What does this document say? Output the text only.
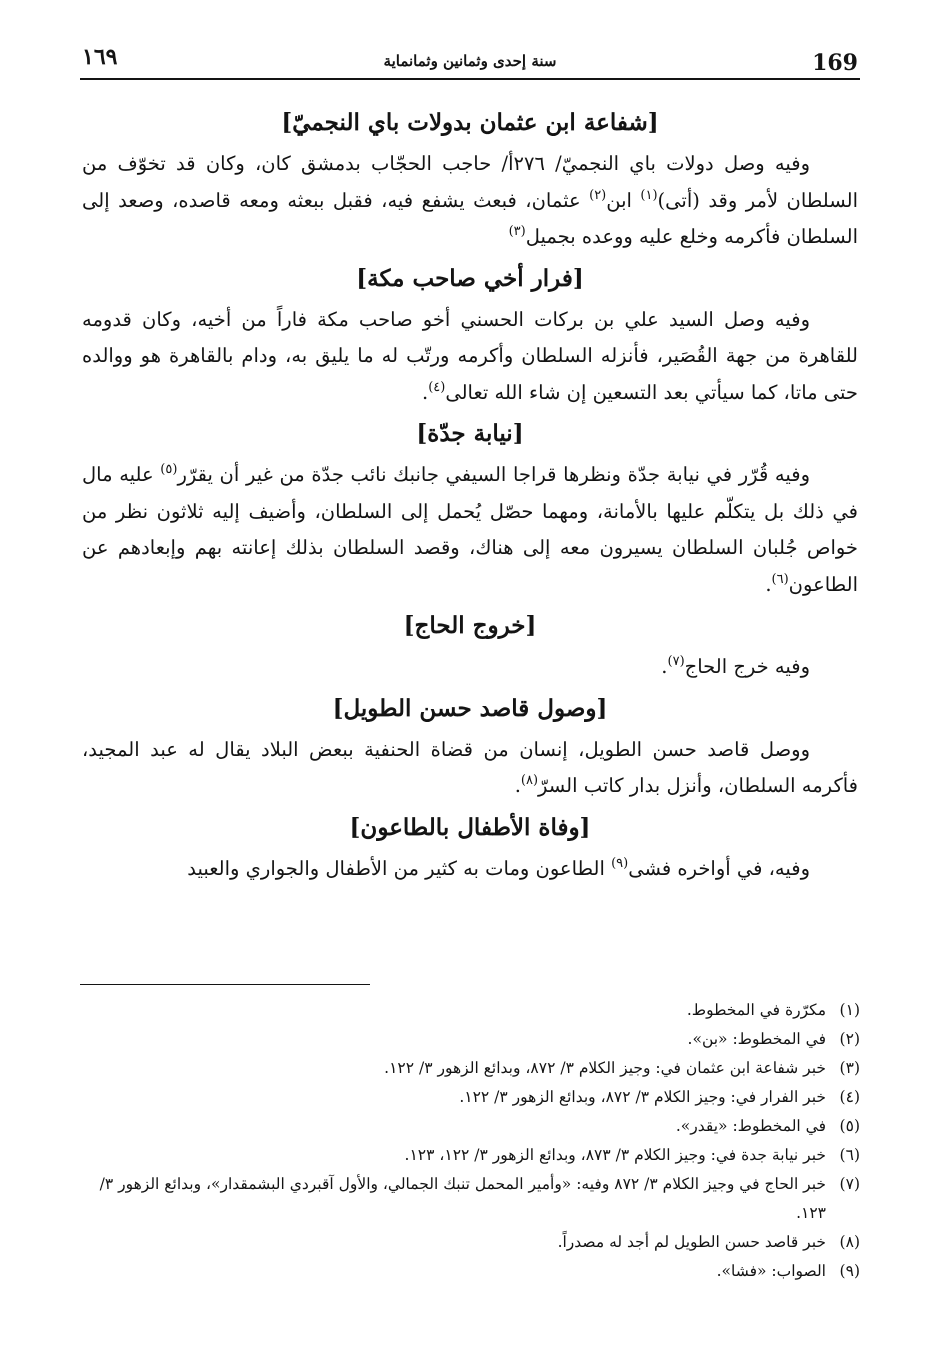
169
سنة إحدى وثمانين وثمانماية
١٦٩
[شفاعة ابن عثمان بدولات باي النجميّ]

وفيه وصل دولات باي النجميّ/ ٢٧٦أ/ حاجب الحجّاب بدمشق كان، وكان قد تخوّف من السلطان لأمر وقد (أتى)$^{(١)}$ ابن$^{(٢)}$ عثمان، فبعث يشفع فيه، فقبل ببعثه ومعه قاصده، وصعد إلى السلطان فأكرمه وخلع عليه ووعده بجميل$^{(٣)}$

[فرار أخي صاحب مكة]

وفيه وصل السيد علي بن بركات الحسني أخو صاحب مكة فاراً من أخيه، وكان قدومه للقاهرة من جهة القُصَير، فأنزله السلطان وأكرمه ورتّب له ما يليق به، ودام بالقاهرة هو ووالده حتى ماتا، كما سيأتي بعد التسعين إن شاء الله تعالى$^{(٤)}$.

[نيابة جدّة]

وفيه قُرّر في نيابة جدّة ونظرها قراجا السيفي جانبك نائب جدّة من غير أن يقرّر$^{(٥)}$ عليه مال في ذلك بل يتكلّم عليها بالأمانة، ومهما حصّل يُحمل إلى السلطان، وأضيف إليه ثلاثون نظر من خواص جُلبان السلطان يسيرون معه إلى هناك، وقصد السلطان بذلك إعانته بهم وإبعادهم عن الطاعون$^{(٦)}$.

[خروج الحاج]

وفيه خرج الحاج$^{(٧)}$.

[وصول قاصد حسن الطويل]

ووصل قاصد حسن الطويل، إنسان من قضاة الحنفية ببعض البلاد يقال له عبد المجيد، فأكرمه السلطان، وأنزل بدار كاتب السرّ$^{(٨)}$.

[وفاة الأطفال بالطاعون]

وفيه، في أواخره فشى$^{(٩)}$ الطاعون ومات به كثير من الأطفال والجواري والعبيد

(١)
مكرّرة في المخطوط.
(٢)
في المخطوط: «بن».
(٣)
خبر شفاعة ابن عثمان في: وجيز الكلام ٣/ ٨٧٢، وبدائع الزهور ٣/ ١٢٢.
(٤)
خبر الفرار في: وجيز الكلام ٣/ ٨٧٢، وبدائع الزهور ٣/ ١٢٢.
(٥)
في المخطوط: «يقدر».
(٦)
خبر نيابة جدة في: وجيز الكلام ٣/ ٨٧٣، وبدائع الزهور ٣/ ١٢٢، ١٢٣.
(٧)
خبر الحاج في وجيز الكلام ٣/ ٨٧٢ وفيه: «وأمير المحمل تنبك الجمالي، والأول آقبردي البشمقدار»، وبدائع الزهور ٣/ ١٢٣.
(٨)
خبر قاصد حسن الطويل لم أجد له مصدراً.
(٩)
الصواب: «فشا».
